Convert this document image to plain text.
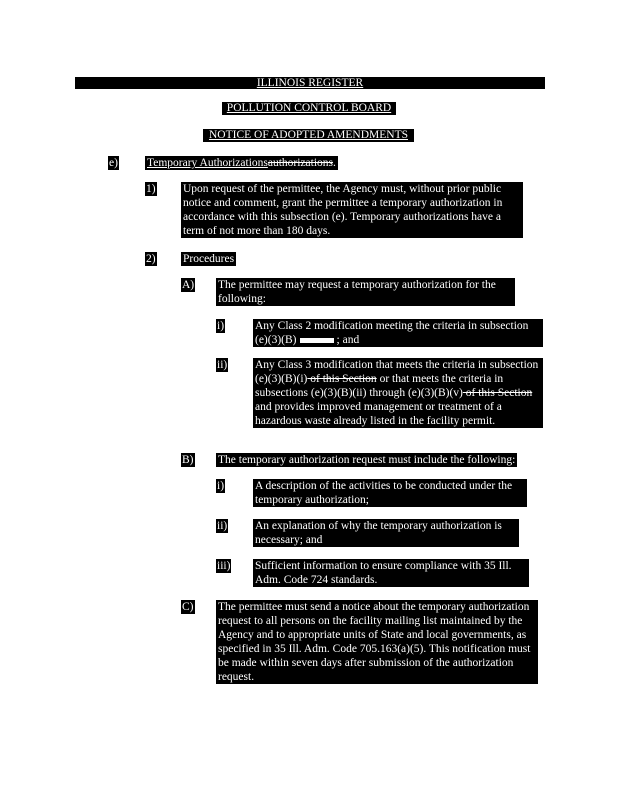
ILLINOIS REGISTER
POLLUTION CONTROL BOARD
NOTICE OF ADOPTED AMENDMENTS
e)	Temporary Authorizationsauthorizations.
1) Upon request of the permittee, the Agency must, without prior public notice and comment, grant the permittee a temporary authorization in accordance with this subsection (e). Temporary authorizations have a term of not more than 180 days.
2) Procedures
A) The permittee may request a temporary authorization for the following:
i)	Any Class 2 modification meeting the criteria in subsection
(e)(3)(B)	; and
ii) Any Class 3 modification that meets the criteria in subsection (e)(3)(B)(i) of this Section or that meets the criteria in subsections (e)(3)(B)(ii) through (e)(3)(B)(v) of this Section and provides improved management or treatment of a hazardous waste already listed in the facility permit.
B) The temporary authorization request must include the following:
i)	A description of the activities to be conducted under the temporary authorization;
ii) An explanation of why the temporary authorization is necessary; and
iii) Sufficient information to ensure compliance with 35 Ill. Adm. Code 724 standards.
C) The permittee must send a notice about the temporary authorization request to all persons on the facility mailing list maintained by the Agency and to appropriate units of State and local governments, as specified in 35 Ill. Adm. Code 705.163(a)(5). This notification must be made within seven days after submission of the authorization request.
